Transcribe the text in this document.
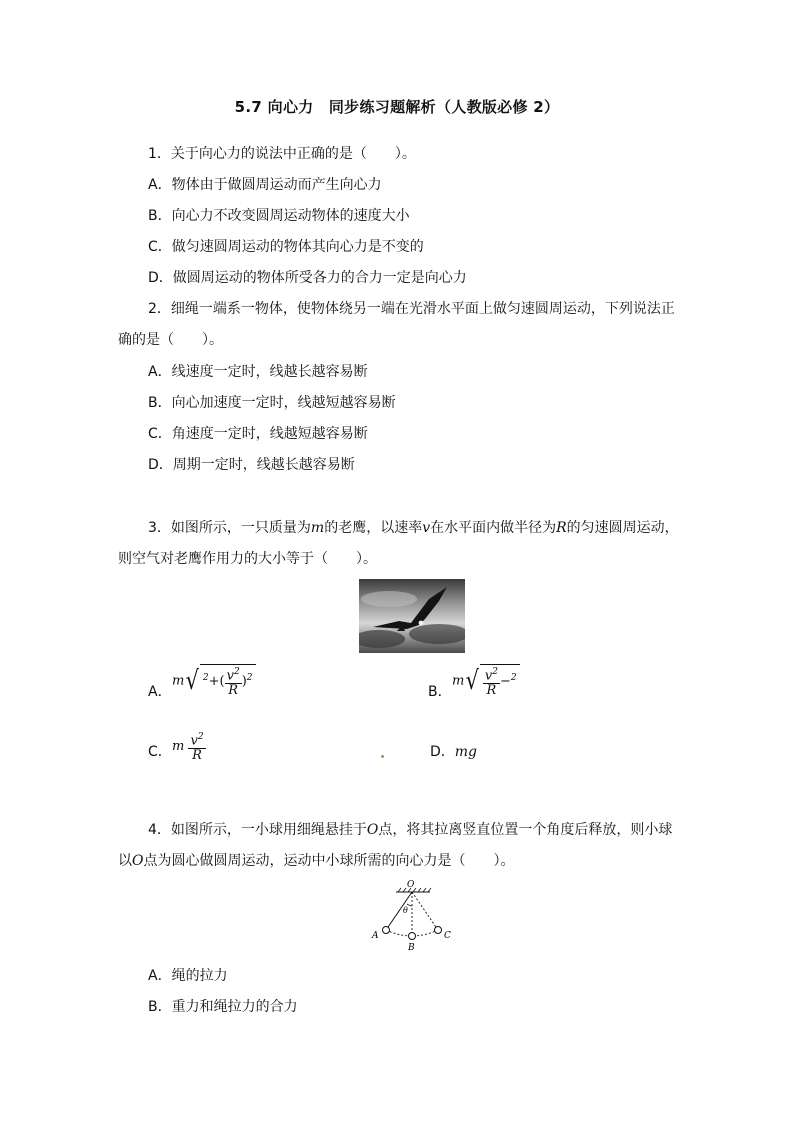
5.7 向心力　同步练习题解析（人教版必修 2）
1．关于向心力的说法中正确的是（　　）。
A．物体由于做圆周运动而产生向心力
B．向心力不改变圆周运动物体的速度大小
C．做匀速圆周运动的物体其向心力是不变的
D．做圆周运动的物体所受各力的合力一定是向心力
2．细绳一端系一物体，使物体绕另一端在光滑水平面上做匀速圆周运动，下列说法正
确的是（　　）。
A．线速度一定时，线越长越容易断
B．向心加速度一定时，线越短越容易断
C．角速度一定时，线越短越容易断
D．周期一定时，线越长越容易断
3．如图所示，一只质量为m的老鹰，以速率v在水平面内做半径为R的匀速圆周运动，
则空气对老鹰作用力的大小等于（　　）。
A．
m√ $^2+( \frac{v^2}{R} )^2$
B．
$m√ \frac{v^2}{R} -^2$
C． m $\frac{v^2}{R}$	D．mg
4．如图所示，一小球用细绳悬挂于O点，将其拉离竖直位置一个角度后释放，则小球
以O点为圆心做圆周运动，运动中小球所需的向心力是（　　）。
O
θ
A
B
C
A．绳的拉力
B．重力和绳拉力的合力
